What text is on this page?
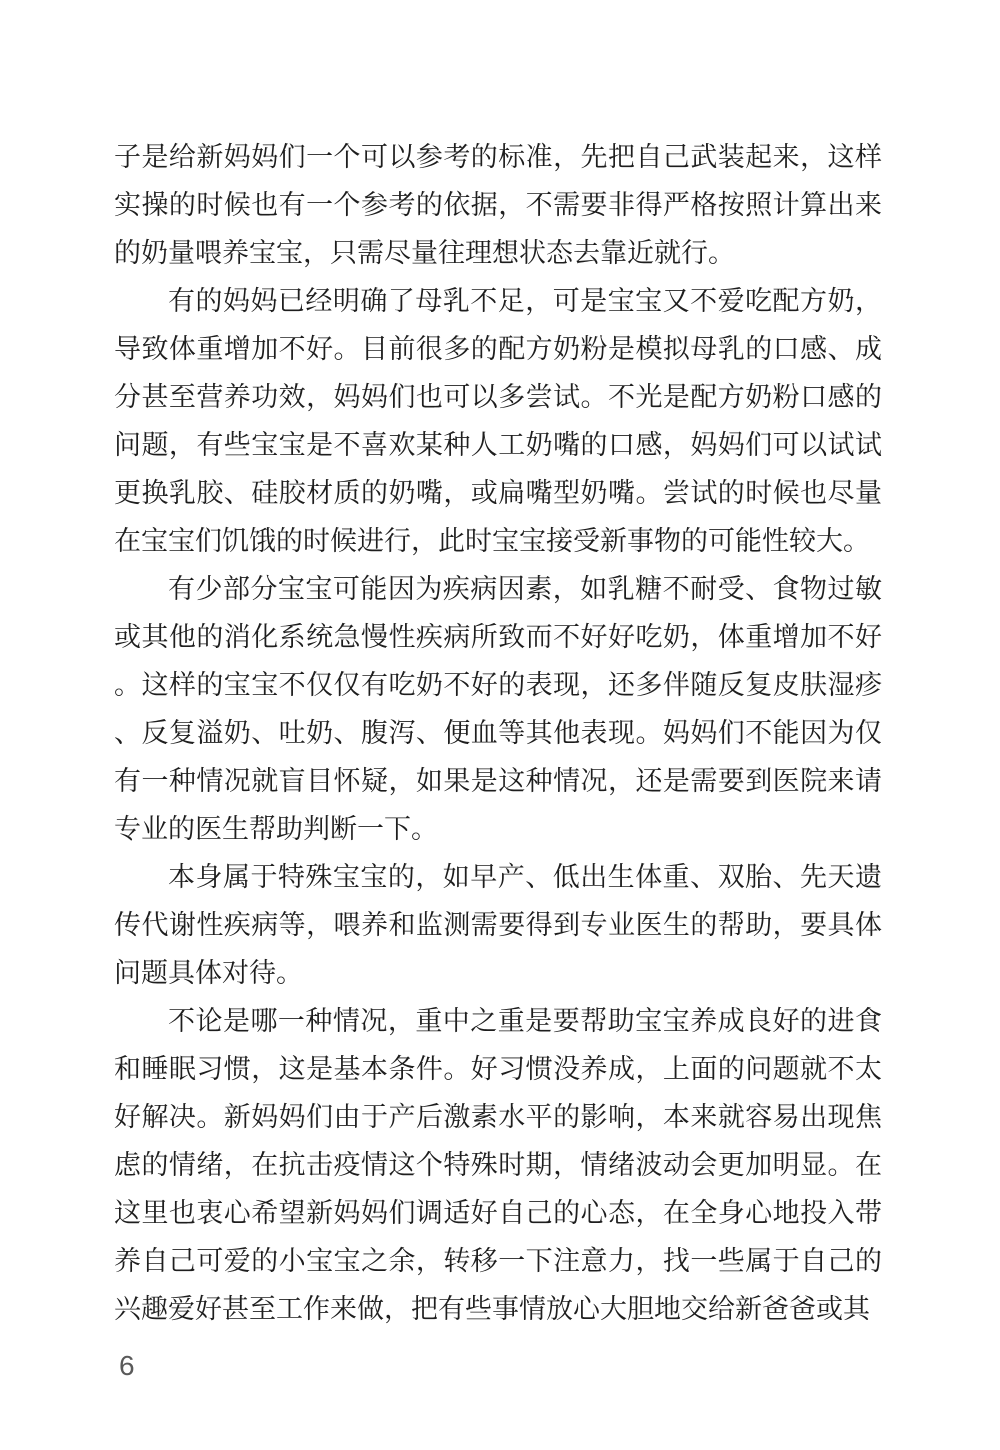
子是给新妈妈们一个可以参考的标准，先把自己武装起来，这样实操的时候也有一个参考的依据，不需要非得严格按照计算出来的奶量喂养宝宝，只需尽量往理想状态去靠近就行。

有的妈妈已经明确了母乳不足，可是宝宝又不爱吃配方奶，导致体重增加不好。目前很多的配方奶粉是模拟母乳的口感、成分甚至营养功效，妈妈们也可以多尝试。不光是配方奶粉口感的问题，有些宝宝是不喜欢某种人工奶嘴的口感，妈妈们可以试试更换乳胶、硅胶材质的奶嘴，或扁嘴型奶嘴。尝试的时候也尽量在宝宝们饥饿的时候进行，此时宝宝接受新事物的可能性较大。

有少部分宝宝可能因为疾病因素，如乳糖不耐受、食物过敏或其他的消化系统急慢性疾病所致而不好好吃奶，体重增加不好。这样的宝宝不仅仅有吃奶不好的表现，还多伴随反复皮肤湿疹、反复溢奶、吐奶、腹泻、便血等其他表现。妈妈们不能因为仅有一种情况就盲目怀疑，如果是这种情况，还是需要到医院来请专业的医生帮助判断一下。

本身属于特殊宝宝的，如早产、低出生体重、双胎、先天遗传代谢性疾病等，喂养和监测需要得到专业医生的帮助，要具体问题具体对待。

不论是哪一种情况，重中之重是要帮助宝宝养成良好的进食和睡眠习惯，这是基本条件。好习惯没养成，上面的问题就不太好解决。新妈妈们由于产后激素水平的影响，本来就容易出现焦虑的情绪，在抗击疫情这个特殊时期，情绪波动会更加明显。在这里也衷心希望新妈妈们调适好自己的心态，在全身心地投入带养自己可爱的小宝宝之余，转移一下注意力，找一些属于自己的兴趣爱好甚至工作来做，把有些事情放心大胆地交给新爸爸或其

6
